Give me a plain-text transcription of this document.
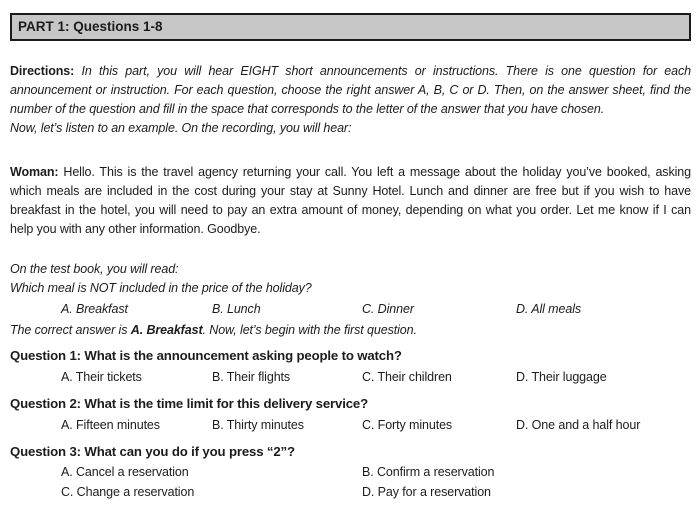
PART 1: Questions 1-8
Directions: In this part, you will hear EIGHT short announcements or instructions. There is one question for each announcement or instruction. For each question, choose the right answer A, B, C or D. Then, on the answer sheet, find the number of the question and fill in the space that corresponds to the letter of the answer that you have chosen.
Now, let’s listen to an example. On the recording, you will hear:
Woman: Hello. This is the travel agency returning your call. You left a message about the holiday you’ve booked, asking which meals are included in the cost during your stay at Sunny Hotel. Lunch and dinner are free but if you wish to have breakfast in the hotel, you will need to pay an extra amount of money, depending on what you order. Let me know if I can help you with any other information. Goodbye.
On the test book, you will read:
Which meal is NOT included in the price of the holiday?
A. Breakfast	B. Lunch	C. Dinner	D. All meals
The correct answer is A. Breakfast. Now, let’s begin with the first question.
Question 1: What is the announcement asking people to watch?
A. Their tickets	B. Their flights	C. Their children	D. Their luggage
Question 2: What is the time limit for this delivery service?
A. Fifteen minutes	B. Thirty minutes	C. Forty minutes	D. One and a half hour
Question 3: What can you do if you press “2”?
A. Cancel a reservation	B. Confirm a reservation
C. Change a reservation	D. Pay for a reservation
